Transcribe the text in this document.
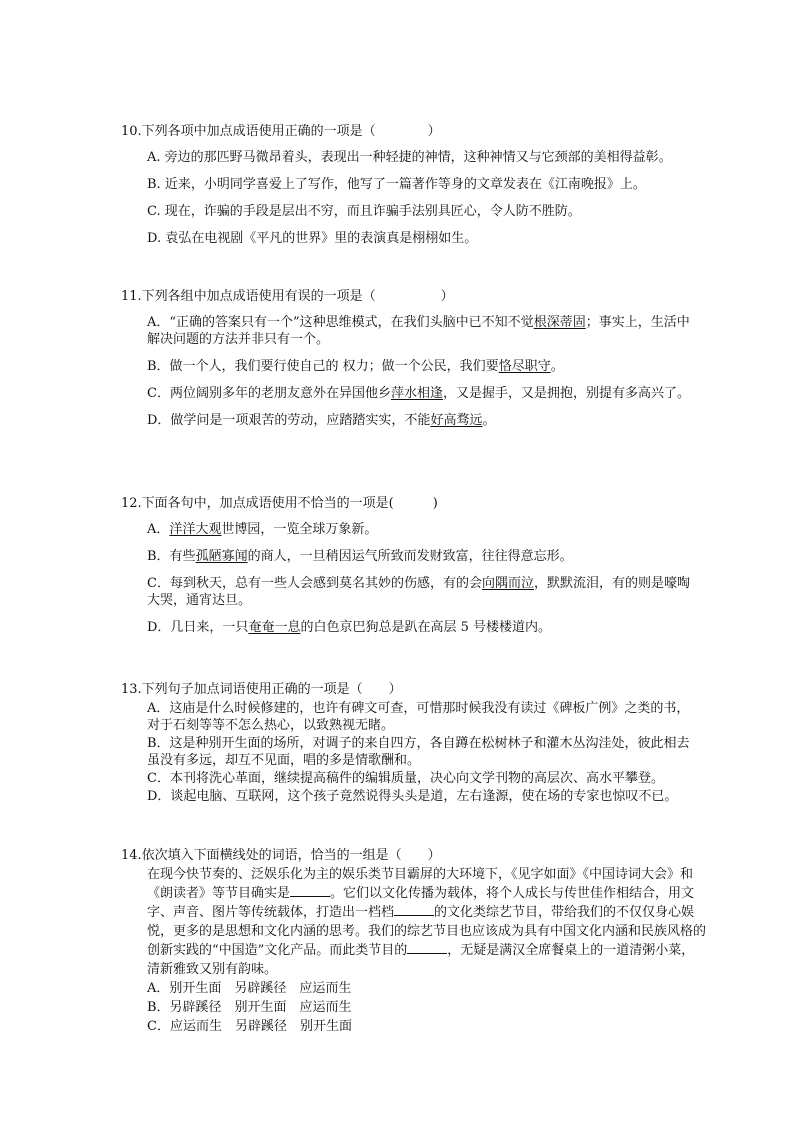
10.下列各项中加点成语使用正确的一项是（　　　　）
A. 旁边的那匹野马微昂着头，表现出一种轻捷的神情，这种神情又与它颈部的美相得益彰。
B. 近来，小明同学喜爱上了写作，他写了一篇著作等身的文章发表在《江南晚报》上。
C. 现在，诈骗的手段是层出不穷，而且诈骗手法别具匠心，令人防不胜防。
D. 袁弘在电视剧《平凡的世界》里的表演真是栩栩如生。
11.下列各组中加点成语使用有误的一项是（　　　　　）
A．“正确的答案只有一个”这种思维模式，在我们头脑中已不知不觉根深蒂固；事实上，生活中解决问题的方法并非只有一个。
B．做一个人，我们要行使自己的 权力；做一个公民，我们要恪尽职守。
C．两位阔别多年的老朋友意外在异国他乡萍水相逢，又是握手，又是拥抱，别提有多高兴了。
D．做学问是一项艰苦的劳动，应踏踏实实，不能好高骛远。
12.下面各句中，加点成语使用不恰当的一项是(　　　)
A．洋洋大观世博园，一览全球万象新。
B．有些孤陋寡闻的商人，一旦稍因运气所致而发财致富，往往得意忘形。
C．每到秋天，总有一些人会感到莫名其妙的伤感，有的会向隅而泣，默默流泪，有的则是嚎啕大哭，通宵达旦。
D．几日来，一只奄奄一息的白色京巴狗总是趴在高层 5 号楼楼道内。
13.下列句子加点词语使用正确的一项是（　　）
A．这庙是什么时候修建的，也许有碑文可查，可惜那时候我没有读过《碑板广例》之类的书，对于石刻等等不怎么热心，以致熟视无睹。
B．这是种别开生面的场所，对调子的来自四方，各自蹲在松树林子和灌木丛沟洼处，彼此相去虽没有多远，却互不见面，唱的多是情歌酬和。
C．本刊将洗心革面，继续提高稿件的编辑质量，决心向文学刊物的高层次、高水平攀登。
D．谈起电脑、互联网，这个孩子竟然说得头头是道，左右逢源，使在场的专家也惊叹不已。
14.依次填入下面横线处的词语，恰当的一组是（　　）
在现今快节奏的、泛娱乐化为主的娱乐类节目霸屏的大环境下，《见字如面》《中国诗词大会》和《朗读者》等节目确实是	。它们以文化传播为载体，将个人成长与传世佳作相结合，用文字、声音、图片等传统载体，打造出一档档	的文化类综艺节目，带给我们的不仅仅身心娱悦，更多的是思想和文化内涵的思考。我们的综艺节目也应该成为具有中国文化内涵和民族风格的创新实践的“中国造”文化产品。而此类节目的	，无疑是满汉全席餐桌上的一道清粥小菜，清新雅致又别有韵味。
A．别开生面　另辟蹊径　应运而生
B．另辟蹊径　别开生面　应运而生
C．应运而生　另辟蹊径　别开生面
